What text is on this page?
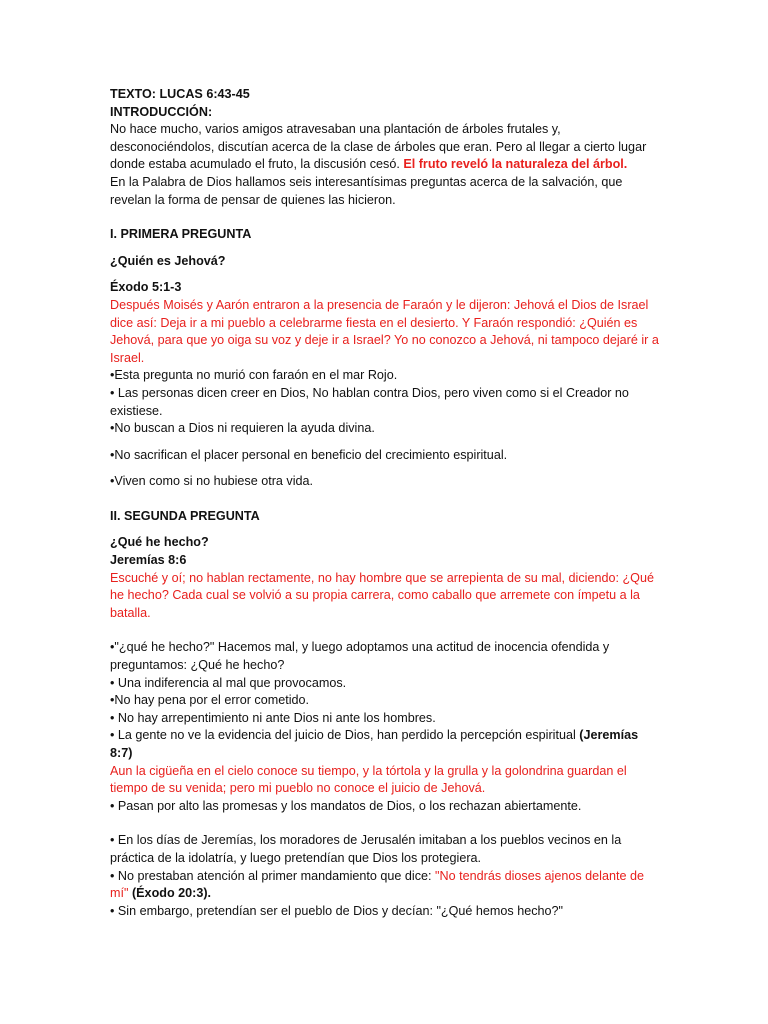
TEXTO: LUCAS 6:43-45

INTRODUCCIÓN:

No hace mucho, varios amigos atravesaban una plantación de árboles frutales y, desconociéndolos, discutían acerca de la clase de árboles que eran. Pero al llegar a cierto lugar donde estaba acumulado el fruto, la discusión cesó. El fruto reveló la naturaleza del árbol.

En la Palabra de Dios hallamos seis interesantísimas preguntas acerca de la salvación, que revelan la forma de pensar de quienes las hicieron.

I. PRIMERA PREGUNTA

¿Quién es Jehová?

Éxodo 5:1-3

Después Moisés y Aarón entraron a la presencia de Faraón y le dijeron: Jehová el Dios de Israel dice así: Deja ir a mi pueblo a celebrarme fiesta en el desierto. Y Faraón respondió: ¿Quién es Jehová, para que yo oiga su voz y deje ir a Israel? Yo no conozco a Jehová, ni tampoco dejaré ir a Israel.

•Esta pregunta no murió con faraón en el mar Rojo.

• Las personas dicen creer en Dios, No hablan contra Dios, pero viven como si el Creador no existiese.

•No buscan a Dios ni requieren la ayuda divina.

•No sacrifican el placer personal en beneficio del crecimiento espiritual.

•Viven como si no hubiese otra vida.

II. SEGUNDA PREGUNTA

¿Qué he hecho?

Jeremías 8:6

Escuché y oí; no hablan rectamente, no hay hombre que se arrepienta de su mal, diciendo: ¿Qué he hecho? Cada cual se volvió a su propia carrera, como caballo que arremete con ímpetu a la batalla.

•"¿qué he hecho?" Hacemos mal, y luego adoptamos una actitud de inocencia ofendida y preguntamos: ¿Qué he hecho?

• Una indiferencia al mal que provocamos.

•No hay pena por el error cometido.

• No hay arrepentimiento ni ante Dios ni ante los hombres.

• La gente no ve la evidencia del juicio de Dios, han perdido la percepción espiritual (Jeremías 8:7)

Aun la cigüeña en el cielo conoce su tiempo, y la tórtola y la grulla y la golondrina guardan el tiempo de su venida; pero mi pueblo no conoce el juicio de Jehová.

• Pasan por alto las promesas y los mandatos de Dios, o los rechazan abiertamente.

• En los días de Jeremías, los moradores de Jerusalén imitaban a los pueblos vecinos en la práctica de la idolatría, y luego pretendían que Dios los protegiera.

• No prestaban atención al primer mandamiento que dice: "No tendrás dioses ajenos delante de mí" (Éxodo 20:3).

• Sin embargo, pretendían ser el pueblo de Dios y decían: "¿Qué hemos hecho?"
